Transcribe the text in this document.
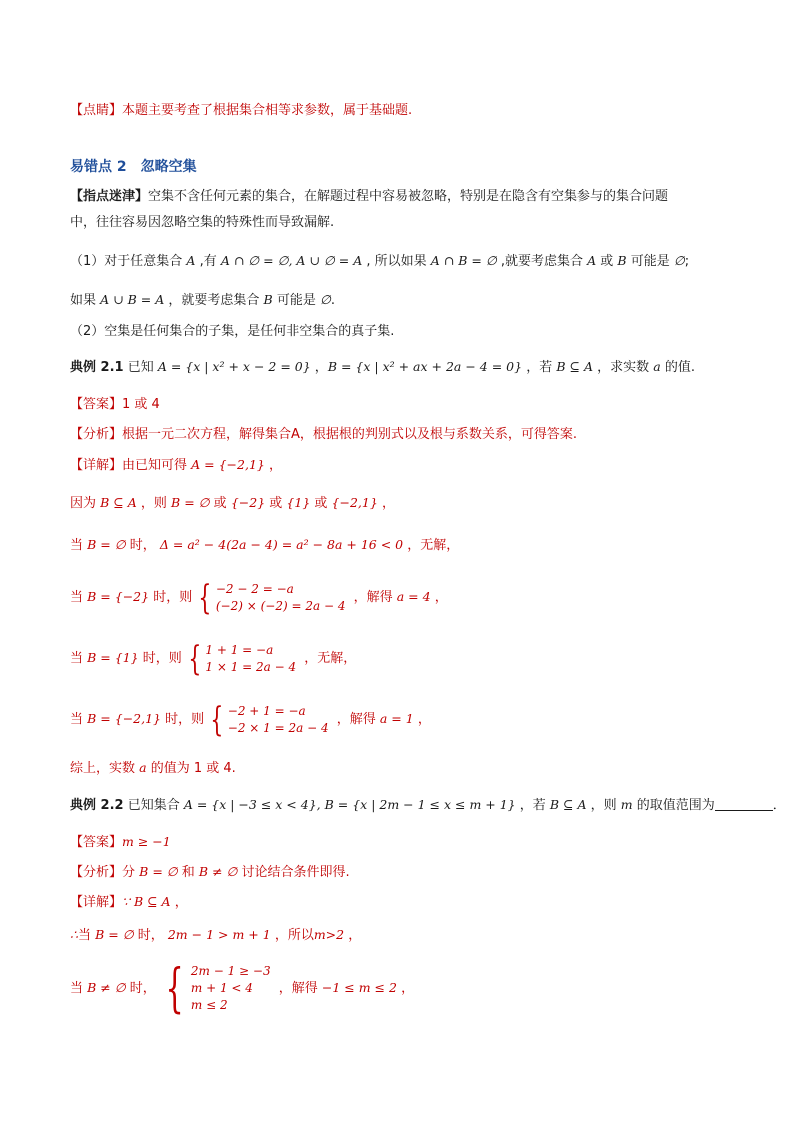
【点睛】本题主要考查了根据集合相等求参数，属于基础题.
易错点 2　忽略空集
【指点迷津】空集不含任何元素的集合，在解题过程中容易被忽略，特别是在隐含有空集参与的集合问题
中，往往容易因忽略空集的特殊性而导致漏解.
（1）对于任意集合 A ,有 A ∩ ∅ = ∅, A ∪ ∅ = A , 所以如果 A ∩ B = ∅ ,就要考虑集合 A 或 B 可能是 ∅;
如果 A ∪ B = A ，就要考虑集合 B 可能是 ∅.
（2）空集是任何集合的子集，是任何非空集合的真子集.
典例 2.1 已知 A = {x | x² + x − 2 = 0} ，B = {x | x² + ax + 2a − 4 = 0} ，若 B ⊆ A ，求实数 a 的值.
【答案】1 或 4
【分析】根据一元二次方程，解得集合A，根据根的判别式以及根与系数关系，可得答案.
【详解】由已知可得 A = {−2,1} ，
因为 B ⊆ A ，则 B = ∅ 或 {−2} 或 {1} 或 {−2,1} ，
当 B = ∅ 时， Δ = a² − 4(2a − 4) = a² − 8a + 16 < 0 ，无解，
当 B = {−2} 时，则 { −2 − 2 = −a
(−2) × (−2) = 2a − 4
，解得 a = 4 ，
当 B = {1} 时，则 { 1 + 1 = −a
1 × 1 = 2a − 4
，无解，
当 B = {−2,1} 时，则 { −2 + 1 = −a
−2 × 1 = 2a − 4
，解得 a = 1 ，
综上，实数 a 的值为 1 或 4.
典例 2.2 已知集合 A = {x | −3 ≤ x < 4}, B = {x | 2m − 1 ≤ x ≤ m + 1} ，若 B ⊆ A ，则 m 的取值范围为	．
【答案】m ≥ −1
【分析】分 B = ∅ 和 B ≠ ∅ 讨论结合条件即得.
【详解】∵ B ⊆ A ，
∴当 B = ∅ 时， 2m − 1 > m + 1 ，所以m>2 ，
当 B ≠ ∅ 时， { 2m − 1 ≥ −3
m + 1 < 4
m ≤ 2
，解得 −1 ≤ m ≤ 2 ，
